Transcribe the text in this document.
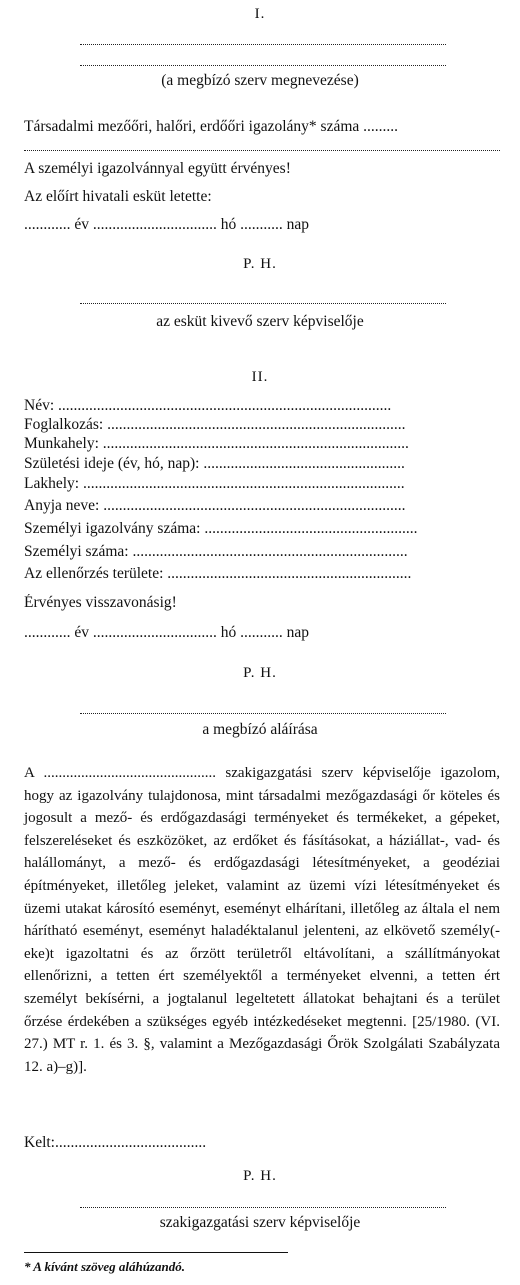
I.
(a megbízó szerv megnevezése)
Társadalmi mezőőri, halőri, erdőőri igazolány* száma .........
A személyi igazolvánnyal együtt érvényes!
Az előírt hivatali esküt letette:
............ év ................................ hó ........... nap
P. H.
az esküt kivevő szerv képviselője
II.
Név: ......................................................................................
Foglalkozás: .............................................................................
Munkahely: ...............................................................................
Születési ideje (év, hó, nap): ....................................................
Lakhely: ...................................................................................
Anyja neve: ..............................................................................
Személyi igazolvány száma: .......................................................
Személyi száma: .......................................................................
Az ellenőrzés területe: ...............................................................
Érvényes visszavonásig!
............ év ................................ hó ........... nap
P. H.
a megbízó aláírása
A .............................................. szakigazgatási szerv képviselője igazolom, hogy az igazolvány tulajdonosa, mint társadalmi mezőgazdasági őr köteles és jogosult a mező- és erdőgazdasági terményeket és termékeket, a gépeket, felszereléseket és eszközöket, az erdőket és fásításokat, a háziállat-, vad- és halállományt, a mező- és erdőgazdasági létesítményeket, a geodéziai építményeket, illetőleg jeleket, valamint az üzemi vízi létesítményeket és üzemi utakat károsító eseményt, eseményt elhárítani, illetőleg az általa el nem hárítható eseményt, eseményt haladéktalanul jelenteni, az elkövető személy(-eke)t igazoltatni és az őrzött területről eltávolítani, a szállítmányokat ellenőrizni, a tetten ért személyektől a terményeket elvenni, a tetten ért személyt bekísérni, a jogtalanul legeltetett állatokat behajtani és a terület őrzése érdekében a szükséges egyéb intézkedéseket megtenni. [25/1980. (VI. 27.) MT r. 1. és 3. §, valamint a Mezőgazdasági Őrök Szolgálati Szabályzata 12. a)–g)].
Kelt:.......................................
P. H.
szakigazgatási szerv képviselője
* A kívánt szöveg aláhúzandó.
